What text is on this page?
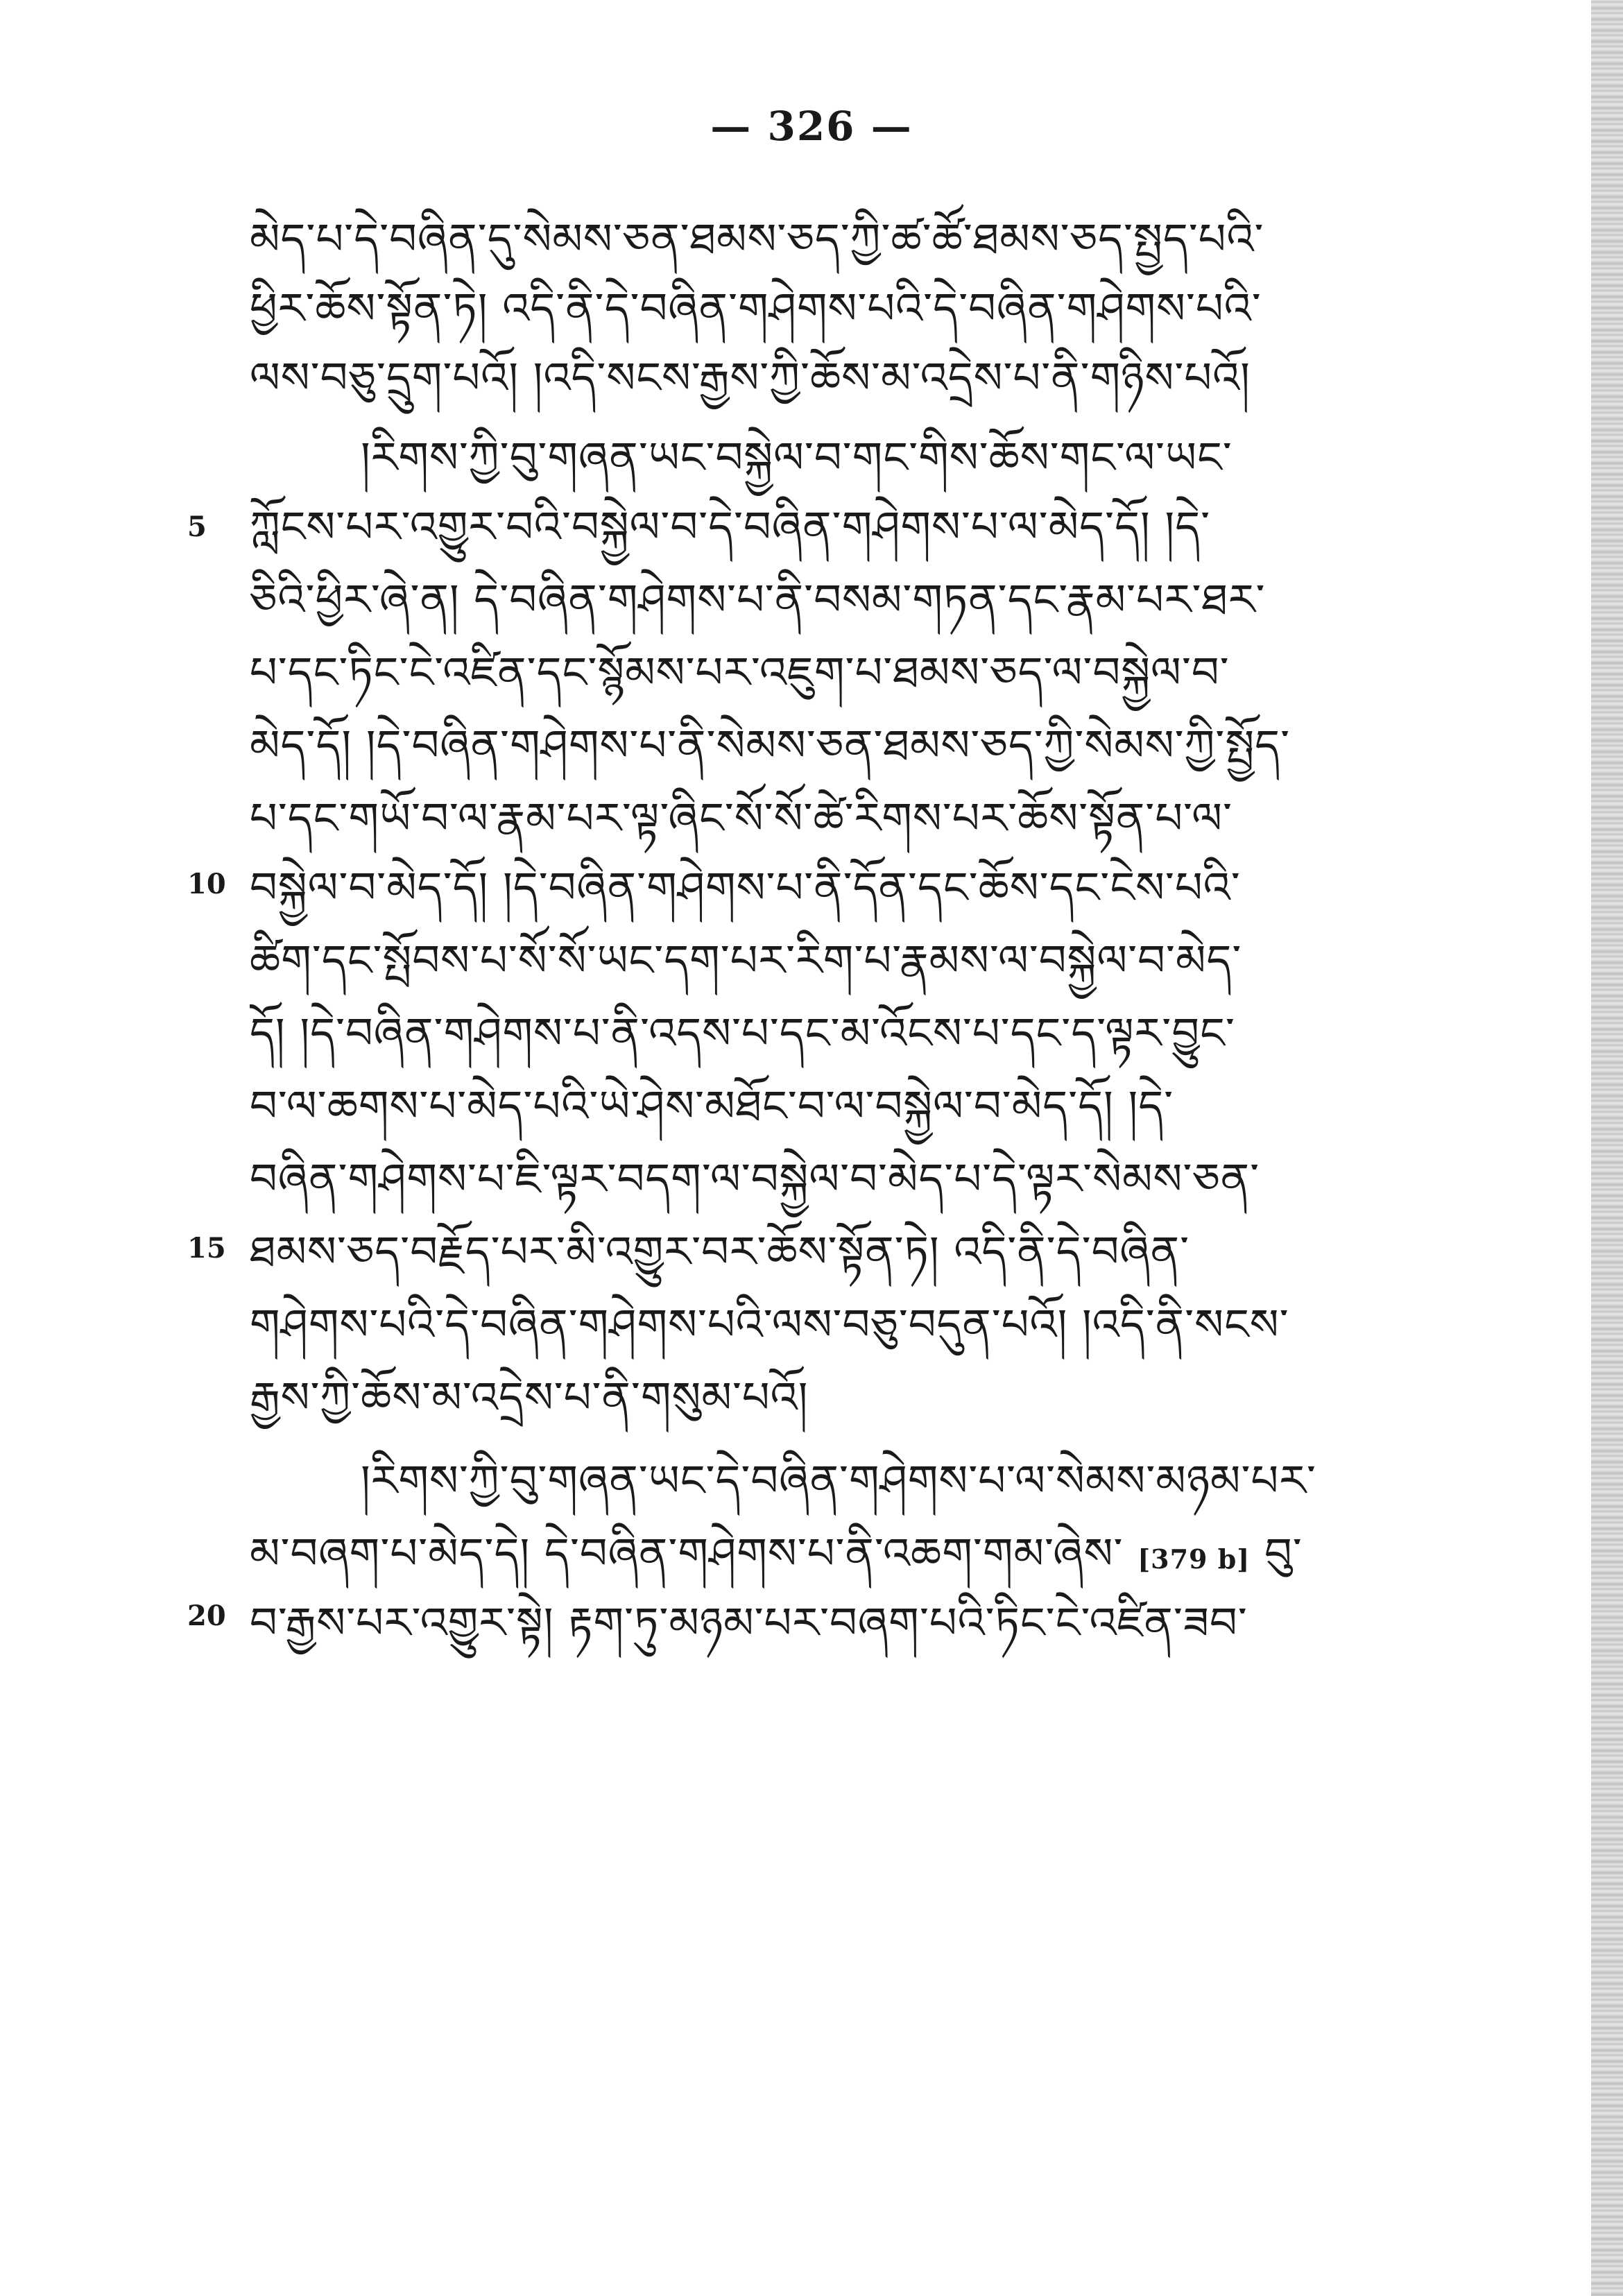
— 326 —
མེད་པ་དེ་བཞིན་དུ་སེམས་ཅན་ཐམས་ཅད་ཀྱི་ཚ་ཚོ་ཐམས་ཅད་སྤྱད་པའི་
ཕྱིར་ཆོས་སྟོན་ཏེ། འདི་ནི་དེ་བཞིན་གཤེགས་པའི་དེ་བཞིན་གཤེགས་པའི་
ལས་བཅུ་དྲུག་པའོ། །འདི་སངས་རྒྱས་ཀྱི་ཆོས་མ་འདྲེས་པ་ནི་གཉིས་པའོ།
།རིགས་ཀྱི་བུ་གཞན་ཡང་བསྐྱེལ་བ་གང་གིས་ཆོས་གང་ལ་ཡང་
5	ཀློངས་པར་འགྱུར་བའི་བསྐྱེལ་བ་དེ་བཞིན་གཤེགས་པ་ལ་མེད་དོ། །དེ་
ཅིའི་ཕྱིར་ཞེ་ན། དེ་བཞིན་གཤེགས་པ་ནི་བསམ་གཏན་དང་རྣམ་པར་ཐར་
པ་དང་ཏིང་ངེ་འཛིན་དང་སྙོམས་པར་འཇུག་པ་ཐམས་ཅད་ལ་བསྐྱེལ་བ་
མེད་དོ། །དེ་བཞིན་གཤེགས་པ་ནི་སེམས་ཅན་ཐམས་ཅད་ཀྱི་སེམས་ཀྱི་སྤྱོད་
པ་དང་གཡོ་བ་ལ་རྣམ་པར་ལྟ་ཞིང་སོ་སོ་ཚེ་རིགས་པར་ཆོས་སྟོན་པ་ལ་
10 བསྐྱེལ་བ་མེད་དོ། །དེ་བཞིན་གཤེགས་པ་ནི་དོན་དང་ཆོས་དང་ངེས་པའི་
ཚིག་དང་སྤོབས་པ་སོ་སོ་ཡང་དག་པར་རིག་པ་རྣམས་ལ་བསྐྱེལ་བ་མེད་
དོ། །དེ་བཞིན་གཤེགས་པ་ནི་འདས་པ་དང་མ་འོངས་པ་དང་ད་ལྟར་བྱུང་
བ་ལ་ཆགས་པ་མེད་པའི་ཡེ་ཤེས་མཐོང་བ་ལ་བསྐྱེལ་བ་མེད་དོ། །དེ་
བཞིན་གཤེགས་པ་ཇི་ལྟར་བདག་ལ་བསྐྱེལ་བ་མེད་པ་དེ་ལྟར་སེམས་ཅན་
15 ཐམས་ཅད་བརྗོད་པར་མི་འགྱུར་བར་ཆོས་སྟོན་ཏེ། འདི་ནི་དེ་བཞིན་
གཤེགས་པའི་དེ་བཞིན་གཤེགས་པའི་ལས་བཅུ་བདུན་པའོ། །འདི་ནི་སངས་
རྒྱས་ཀྱི་ཆོས་མ་འདྲེས་པ་ནི་གསུམ་པའོ།
།རིགས་ཀྱི་བུ་གཞན་ཡང་དེ་བཞིན་གཤེགས་པ་ལ་སེམས་མཉམ་པར་
མ་བཞག་པ་མེད་དེ། དེ་བཞིན་གཤེགས་པ་ནི་འཆག་གམ་ཞེས་ [379 b] བུ་
20 བ་རྒྱས་པར་འགྱུར་སྟེ། རྟག་ཏུ་མཉམ་པར་བཞག་པའི་ཏིང་ངེ་འཛིན་ཟབ་
